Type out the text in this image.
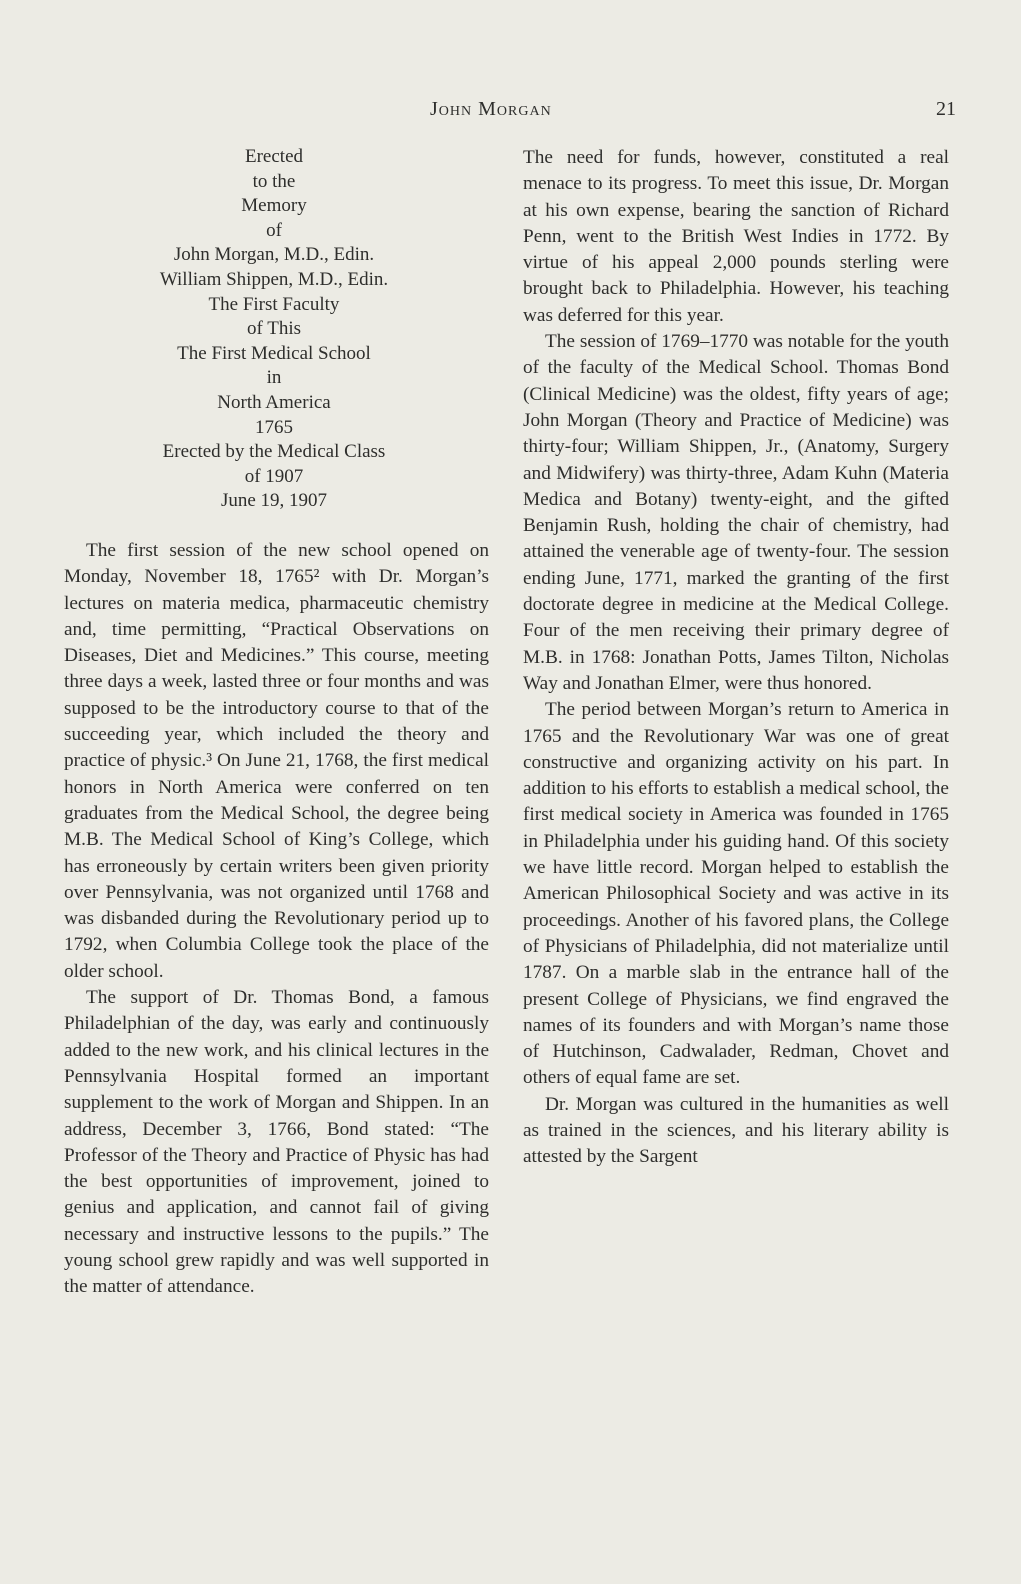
John Morgan	21
Erected
to the
Memory
of
John Morgan, M.D., Edin.
William Shippen, M.D., Edin.
The First Faculty
of This
The First Medical School
in
North America
1765
Erected by the Medical Class
of 1907
June 19, 1907

The first session of the new school opened on Monday, November 18, 1765² with Dr. Morgan’s lectures on materia medica, pharmaceutic chemistry and, time permitting, “Practical Observations on Diseases, Diet and Medicines.” This course, meeting three days a week, lasted three or four months and was supposed to be the introductory course to that of the succeeding year, which included the theory and practice of physic.³ On June 21, 1768, the first medical honors in North America were conferred on ten graduates from the Medical School, the degree being M.B. The Medical School of King’s College, which has erroneously by certain writers been given priority over Pennsylvania, was not organized until 1768 and was disbanded during the Revolutionary period up to 1792, when Columbia College took the place of the older school.

The support of Dr. Thomas Bond, a famous Philadelphian of the day, was early and continuously added to the new work, and his clinical lectures in the Pennsylvania Hospital formed an important supplement to the work of Morgan and Shippen. In an address, December 3, 1766, Bond stated: “The Professor of the Theory and Practice of Physic has had the best opportunities of improvement, joined to genius and application, and cannot fail of giving necessary and instructive lessons to the pupils.” The young school grew rapidly and was well supported in the matter of attendance.

The need for funds, however, constituted a real menace to its progress. To meet this issue, Dr. Morgan at his own expense, bearing the sanction of Richard Penn, went to the British West Indies in 1772. By virtue of his appeal 2,000 pounds sterling were brought back to Philadelphia. However, his teaching was deferred for this year.

The session of 1769–1770 was notable for the youth of the faculty of the Medical School. Thomas Bond (Clinical Medicine) was the oldest, fifty years of age; John Morgan (Theory and Practice of Medicine) was thirty-four; William Shippen, Jr., (Anatomy, Surgery and Midwifery) was thirty-three, Adam Kuhn (Materia Medica and Botany) twenty-eight, and the gifted Benjamin Rush, holding the chair of chemistry, had attained the venerable age of twenty-four. The session ending June, 1771, marked the granting of the first doctorate degree in medicine at the Medical College. Four of the men receiving their primary degree of M.B. in 1768: Jonathan Potts, James Tilton, Nicholas Way and Jonathan Elmer, were thus honored.

The period between Morgan’s return to America in 1765 and the Revolutionary War was one of great constructive and organizing activity on his part. In addition to his efforts to establish a medical school, the first medical society in America was founded in 1765 in Philadelphia under his guiding hand. Of this society we have little record. Morgan helped to establish the American Philosophical Society and was active in its proceedings. Another of his favored plans, the College of Physicians of Philadelphia, did not materialize until 1787. On a marble slab in the entrance hall of the present College of Physicians, we find engraved the names of its founders and with Morgan’s name those of Hutchinson, Cadwalader, Redman, Chovet and others of equal fame are set.

Dr. Morgan was cultured in the humanities as well as trained in the sciences, and his literary ability is attested by the Sargent
